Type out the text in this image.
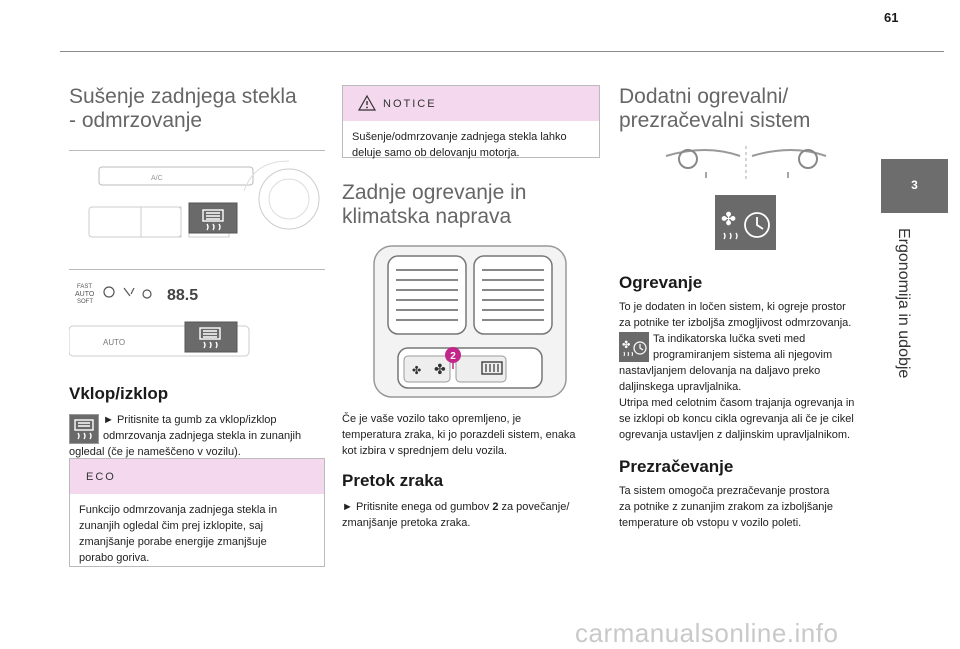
61
3
Ergonomija in udobje
Sušenje zadnjega stekla
- odmrzovanje
A/C
FAST
AUTO
SOFT	88.5
AUTO
Vklop/izklop

► Pritisnite ta gumb za vklop/izklop
odmrzovanja zadnjega stekla in zunanjih
ogledal (če je nameščeno v vozilu).

ECO
Funkcijo odmrzovanja zadnjega stekla in
zunanjih ogledal čim prej izklopite, saj
zmanjšanje porabe energije zmanjšuje
porabo goriva.
NOTICE
Sušenje/odmrzovanje zadnjega stekla lahko
deluje samo ob delovanju motorja.
Zadnje ogrevanje in
klimatska naprava
✤ ✤
2

Če je vaše vozilo tako opremljeno, je
temperatura zraka, ki jo porazdeli sistem, enaka
kot izbira v sprednjem delu vozila.

Pretok zraka

► Pritisnite enega od gumbov 2 za povečanje/
zmanjšanje pretoka zraka.

Dodatni ogrevalni/
prezračevalni sistem
✤
Ogrevanje

To je dodaten in ločen sistem, ki ogreje prostor
za potnike ter izboljša zmogljivost odmrzovanja.

✤
Ta indikatorska lučka sveti med
programiranjem sistema ali njegovim
nastavljanjem delovanja na daljavo preko
daljinskega upravljalnika.
Utripa med celotnim časom trajanja ogrevanja in
se izklopi ob koncu cikla ogrevanja ali če je cikel
ogrevanja ustavljen z daljinskim upravljalnikom.

Prezračevanje

Ta sistem omogoča prezračevanje prostora
za potnike z zunanjim zrakom za izboljšanje
temperature ob vstopu v vozilo poleti.

carmanualsonline.info
